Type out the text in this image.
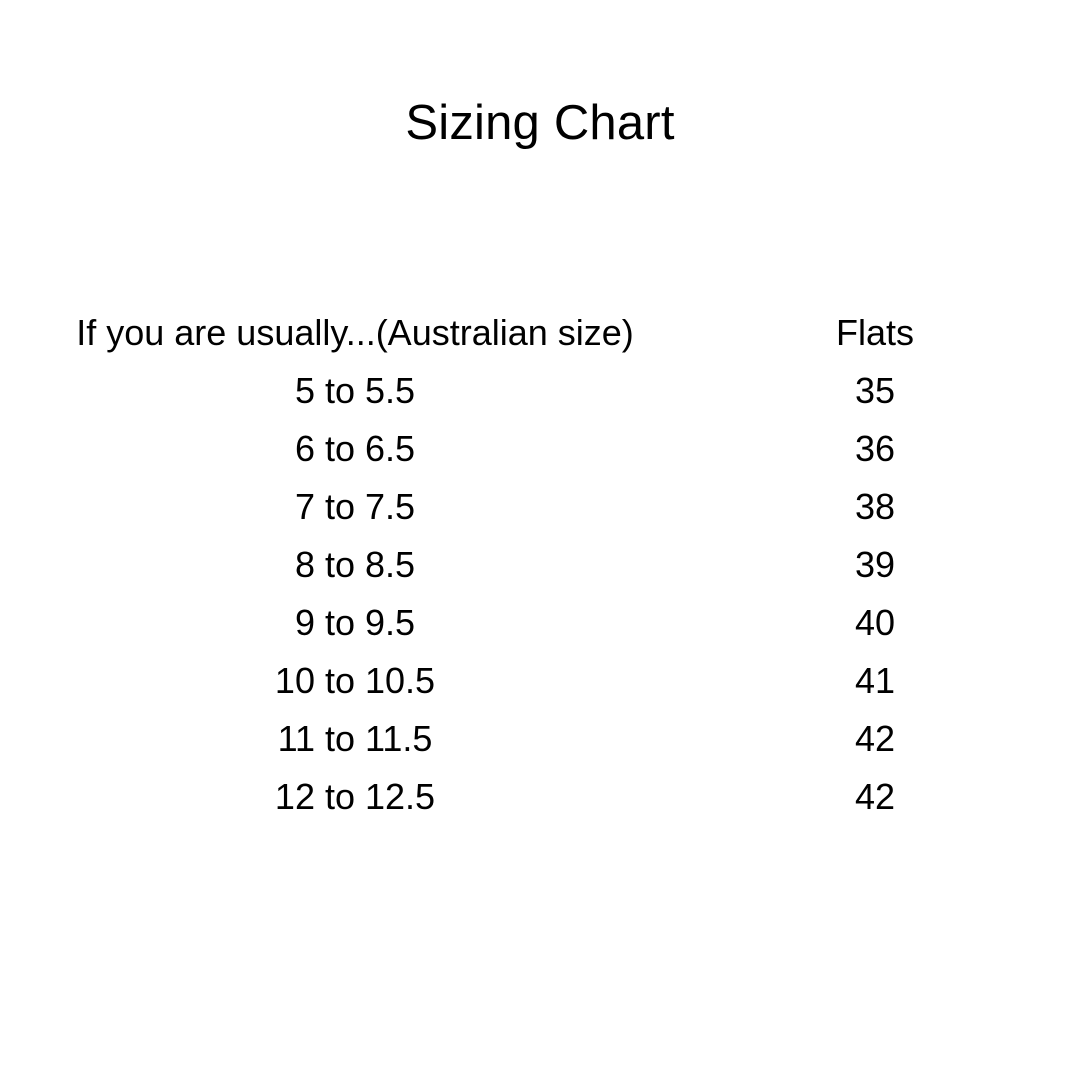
Sizing Chart
If you are usually...(Australian size)	Flats
5 to 5.5	35
6 to 6.5	36
7 to 7.5	38
8 to 8.5	39
9 to 9.5	40
10 to 10.5	41
11 to 11.5	42
12 to 12.5	42
